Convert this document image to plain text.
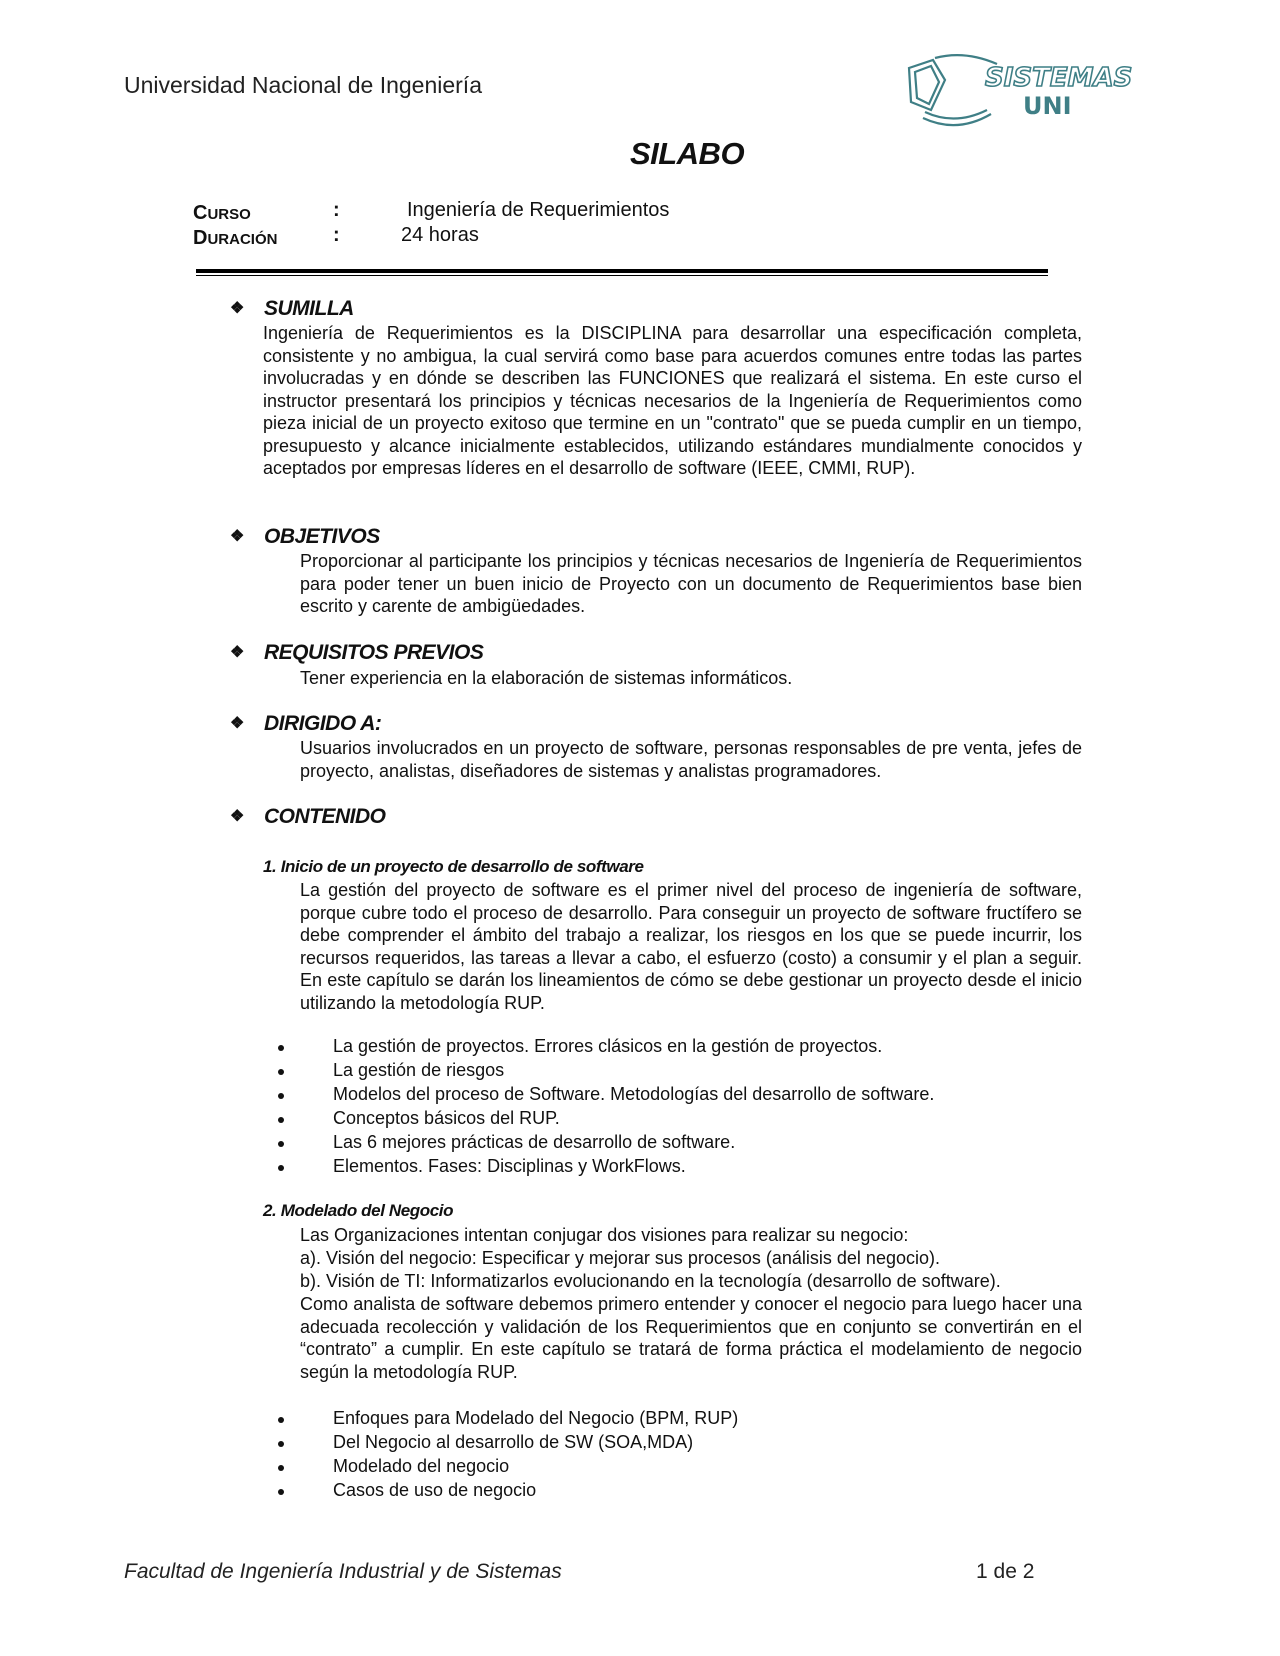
Universidad Nacional de Ingeniería	SISTEMAS
UNI
SILABO
CURSO	:	Ingeniería de Requerimientos
DURACIÓN	:	24 horas
❖ SUMILLA
Ingeniería de Requerimientos es la DISCIPLINA para desarrollar una especificación completa, consistente y no ambigua, la cual servirá como base para acuerdos comunes entre todas las partes involucradas y en dónde se describen las FUNCIONES que realizará el sistema. En este curso el instructor presentará los principios y técnicas necesarios de la Ingeniería de Requerimientos como pieza inicial de un proyecto exitoso que termine en un "contrato" que se pueda cumplir en un tiempo, presupuesto y alcance inicialmente establecidos, utilizando estándares mundialmente conocidos y aceptados por empresas líderes en el desarrollo de software (IEEE, CMMI, RUP).
❖ OBJETIVOS
Proporcionar al participante los principios y técnicas necesarios de Ingeniería de Requerimientos para poder tener un buen inicio de Proyecto con un documento de Requerimientos base bien escrito y carente de ambigüedades.
❖ REQUISITOS PREVIOS
Tener experiencia en la elaboración de sistemas informáticos.
❖ DIRIGIDO A:
Usuarios involucrados en un proyecto de software, personas responsables de pre venta, jefes de proyecto, analistas, diseñadores de sistemas y analistas programadores.
❖ CONTENIDO
1. Inicio de un proyecto de desarrollo de software
La gestión del proyecto de software es el primer nivel del proceso de ingeniería de software, porque cubre todo el proceso de desarrollo. Para conseguir un proyecto de software fructífero se debe comprender el ámbito del trabajo a realizar, los riesgos en los que se puede incurrir, los recursos requeridos, las tareas a llevar a cabo, el esfuerzo (costo) a consumir y el plan a seguir. En este capítulo se darán los lineamientos de cómo se debe gestionar un proyecto desde el inicio utilizando la metodología RUP.
La gestión de proyectos. Errores clásicos en la gestión de proyectos.
La gestión de riesgos
Modelos del proceso de Software. Metodologías del desarrollo de software.
Conceptos básicos del RUP.
Las 6 mejores prácticas de desarrollo de software.
Elementos. Fases: Disciplinas y WorkFlows.
2. Modelado del Negocio
Las Organizaciones intentan conjugar dos visiones para realizar su negocio:
a). Visión del negocio: Especificar y mejorar sus procesos (análisis del negocio).
b). Visión de TI: Informatizarlos evolucionando en la tecnología (desarrollo de software).
Como analista de software debemos primero entender y conocer el negocio para luego hacer una adecuada recolección y validación de los Requerimientos que en conjunto se convertirán en el “contrato” a cumplir. En este capítulo se tratará de forma práctica el modelamiento de negocio según la metodología RUP.
Enfoques para Modelado del Negocio (BPM, RUP)
Del Negocio al desarrollo de SW (SOA,MDA)
Modelado del negocio
Casos de uso de negocio
Facultad de Ingeniería Industrial y de Sistemas	1 de 2
